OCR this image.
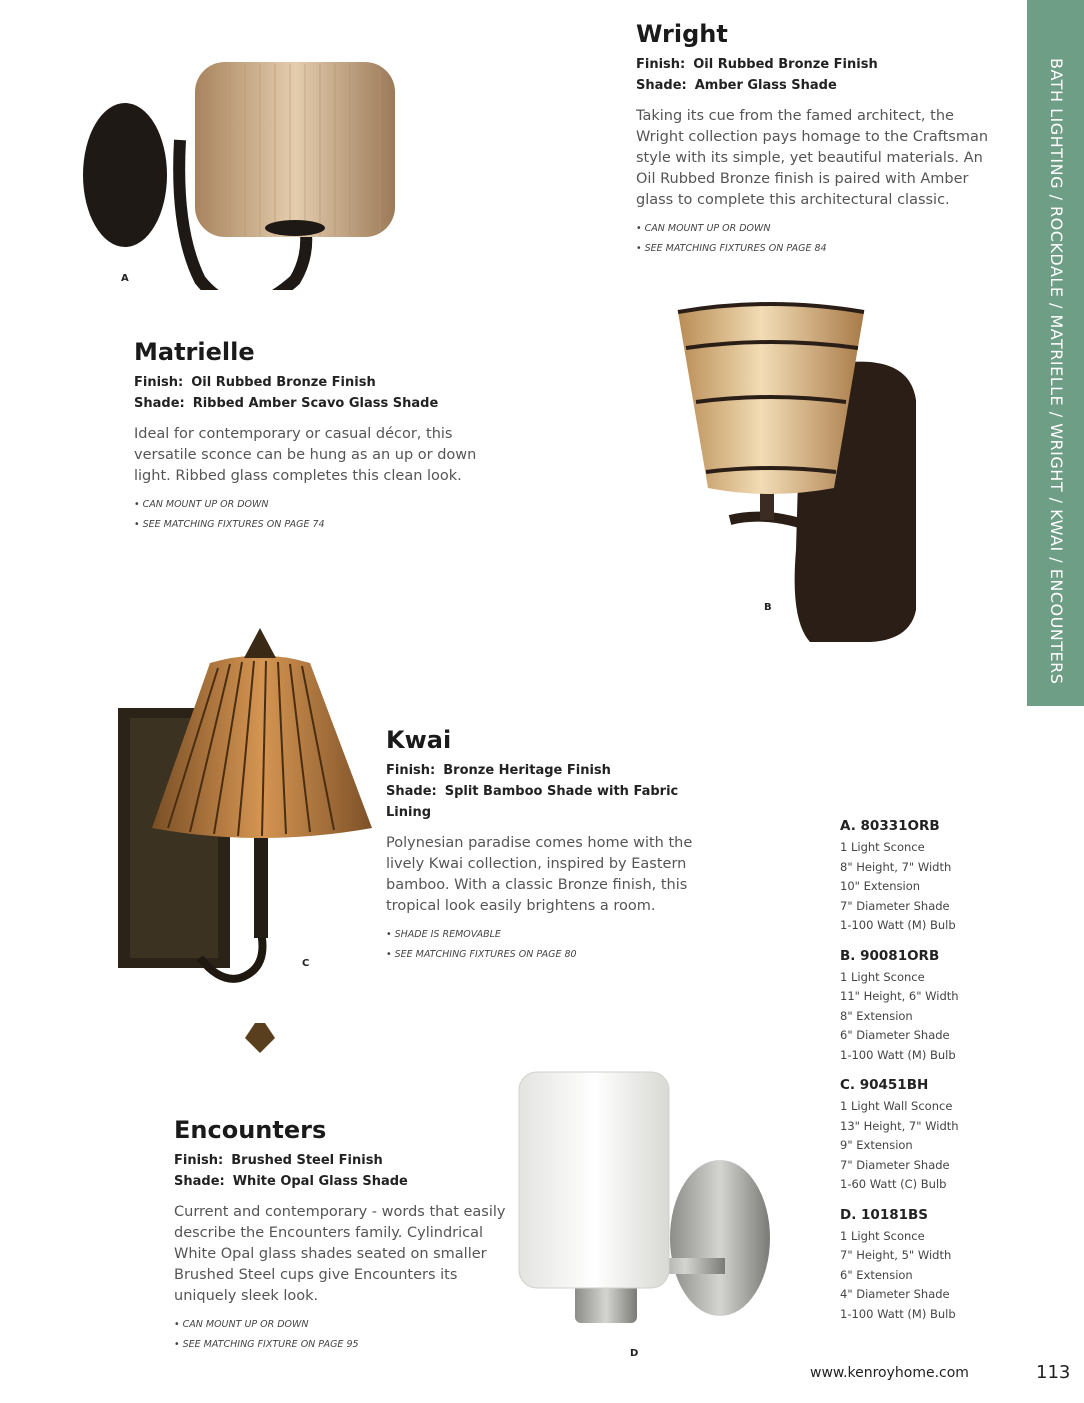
BATH LIGHTING / ROCKDALE / MATRIELLE / WRIGHT / KWAI / ENCOUNTERS
A
Wright
Finish: Oil Rubbed Bronze Finish
Shade: Amber Glass Shade
Taking its cue from the famed architect, the Wright collection pays homage to the Craftsman style with its simple, yet beautiful materials. An Oil Rubbed Bronze finish is paired with Amber glass to complete this architectural classic.
• CAN MOUNT UP OR DOWN
• SEE MATCHING FIXTURES ON PAGE 84
B
Matrielle
Finish: Oil Rubbed Bronze Finish
Shade: Ribbed Amber Scavo Glass Shade
Ideal for contemporary or casual décor, this versatile sconce can be hung as an up or down light. Ribbed glass completes this clean look.
• CAN MOUNT UP OR DOWN
• SEE MATCHING FIXTURES ON PAGE 74
C
Kwai
Finish: Bronze Heritage Finish
Shade: Split Bamboo Shade with Fabric Lining
Polynesian paradise comes home with the lively Kwai collection, inspired by Eastern bamboo. With a classic Bronze finish, this tropical look easily brightens a room.
• SHADE IS REMOVABLE
• SEE MATCHING FIXTURES ON PAGE 80
A. 80331ORB
1 Light Sconce
8" Height, 7" Width
10" Extension
7" Diameter Shade
1-100 Watt (M) Bulb
B. 90081ORB
1 Light Sconce
11" Height, 6" Width
8" Extension
6" Diameter Shade
1-100 Watt (M) Bulb
C. 90451BH
1 Light Wall Sconce
13" Height, 7" Width
9" Extension
7" Diameter Shade
1-60 Watt (C) Bulb
D. 10181BS
1 Light Sconce
7" Height, 5" Width
6" Extension
4" Diameter Shade
1-100 Watt (M) Bulb
Encounters
Finish: Brushed Steel Finish
Shade: White Opal Glass Shade
Current and contemporary - words that easily describe the Encounters family. Cylindrical White Opal glass shades seated on smaller Brushed Steel cups give Encounters its uniquely sleek look.
• CAN MOUNT UP OR DOWN
• SEE MATCHING FIXTURE ON PAGE 95
D
www.kenroyhome.com	113
